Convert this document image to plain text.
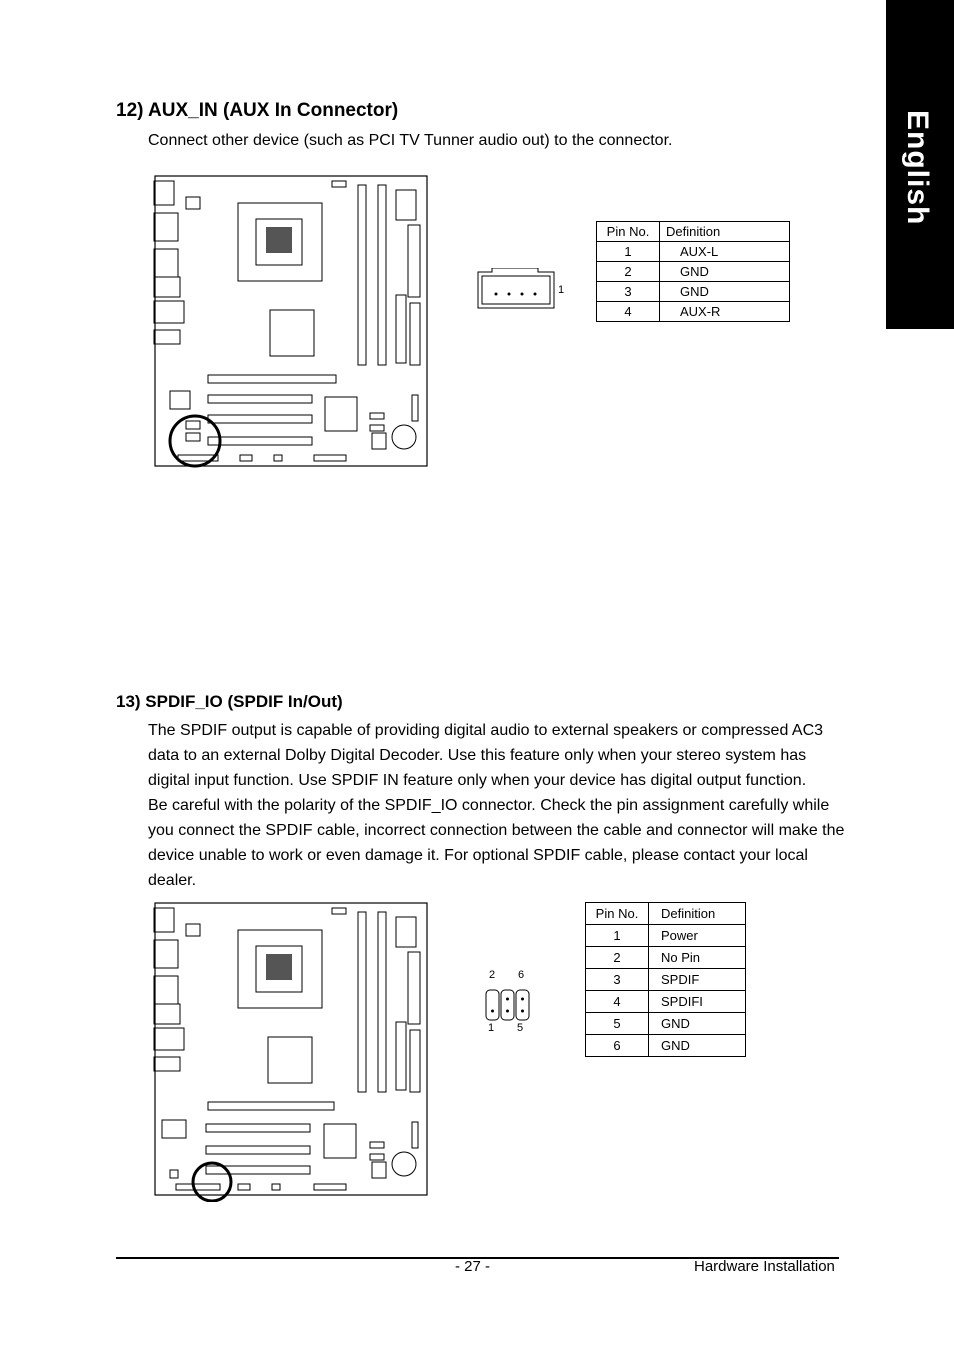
English
12) AUX_IN (AUX In Connector)
Connect other device (such as PCI TV Tunner audio out) to the connector.
1
Pin No.	Definition
1	AUX-L
2	GND
3	GND
4	AUX-R
13) SPDIF_IO (SPDIF In/Out)
The SPDIF output is capable of providing digital audio to external speakers or compressed AC3
data to an external Dolby Digital Decoder. Use this feature only when your stereo system has
digital input function. Use SPDIF IN feature only when your device has digital output function.
Be careful with the polarity of the SPDIF_IO connector. Check the pin assignment carefully while
you connect the SPDIF cable, incorrect connection between the cable and connector will make the
device unable to work or even damage it. For optional SPDIF cable, please contact your local
dealer.
2 6
1 5
Pin No.	Definition
1	Power
2	No Pin
3	SPDIF
4	SPDIFI
5	GND
6	GND
- 27 -	Hardware Installation
